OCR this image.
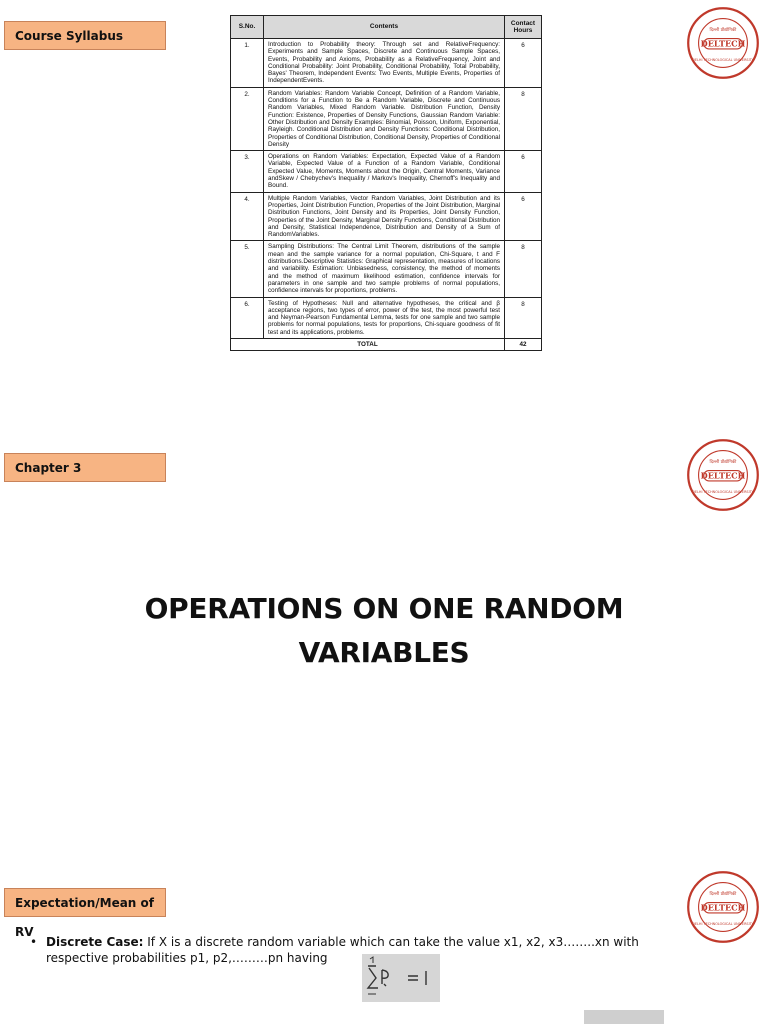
Course Syllabus
S.No.	Contents	Contact Hours
1.	Introduction to Probability theory: Through set and RelativeFrequency: Experiments and Sample Spaces, Discrete and Continuous Sample Spaces, Events, Probability and Axioms, Probability as a RelativeFrequency, Joint and Conditional Probability: Joint Probability, Conditional Probability, Total Probability, Bayes' Theorem, Independent Events: Two Events, Multiple Events, Properties of IndependentEvents.	6
2.	Random Variables: Random Variable Concept, Definition of a Random Variable, Conditions for a Function to Be a Random Variable, Discrete and Continuous Random Variables, Mixed Random Variable. Distribution Function, Density Function: Existence, Properties of Density Functions, Gaussian Random Variable: Other Distribution and Density Examples: Binomial, Poisson, Uniform, Exponential, Rayleigh. Conditional Distribution and Density Functions: Conditional Distribution, Properties of Conditional Distribution, Conditional Density, Properties of Conditional Density	8
3.	Operations on Random Variables: Expectation, Expected Value of a Random Variable, Expected Value of a Function of a Random Variable, Conditional Expected Value, Moments, Moments about the Origin, Central Moments, Variance andSkew / Chebychev's Inequality / Markov's Inequality, Chernoff's Inequality and Bound.	6
4.	Multiple Random Variables, Vector Random Variables, Joint Distribution and its Properties, Joint Distribution Function, Properties of the Joint Distribution, Marginal Distribution Functions, Joint Density and its Properties, Joint Density Function, Properties of the Joint Density, Marginal Density Functions, Conditional Distribution and Density, Statistical Independence, Distribution and Density of a Sum of RandomVariables.	6
5.	Sampling Distributions: The Central Limit Theorem, distributions of the sample mean and the sample variance for a normal population, Chi-Square, t and F distributions.Descriptive Statistics: Graphical representation, measures of locations and variability. Estimation: Unbiasedness, consistency, the method of moments and the method of maximum likelihood estimation, confidence intervals for parameters in one sample and two sample problems of normal populations, confidence intervals for proportions, problems.	8
6.	Testing of Hypotheses: Null and alternative hypotheses, the critical and β acceptance regions, two types of error, power of the test, the most powerful test and Neyman-Pearson Fundamental Lemma, tests for one sample and two sample problems for normal populations, tests for proportions, Chi-square goodness of fit test and its applications, problems.	8
TOTAL		42
DELTECH
दिल्ली प्रौद्योगिकी
DELHI TECHNOLOGICAL UNIVERSITY
Chapter 3
DELTECH
दिल्ली प्रौद्योगिकी
DELHI TECHNOLOGICAL UNIVERSITY
OPERATIONS ON ONE RANDOM
VARIABLES
Expectation/Mean of RV
DELTECH
दिल्ली प्रौद्योगिकी
DELHI TECHNOLOGICAL UNIVERSITY
• Discrete Case: If X is a discrete random variable which can take the value x1, x2, x3……..xn with respective probabilities p1, p2,………pn having
